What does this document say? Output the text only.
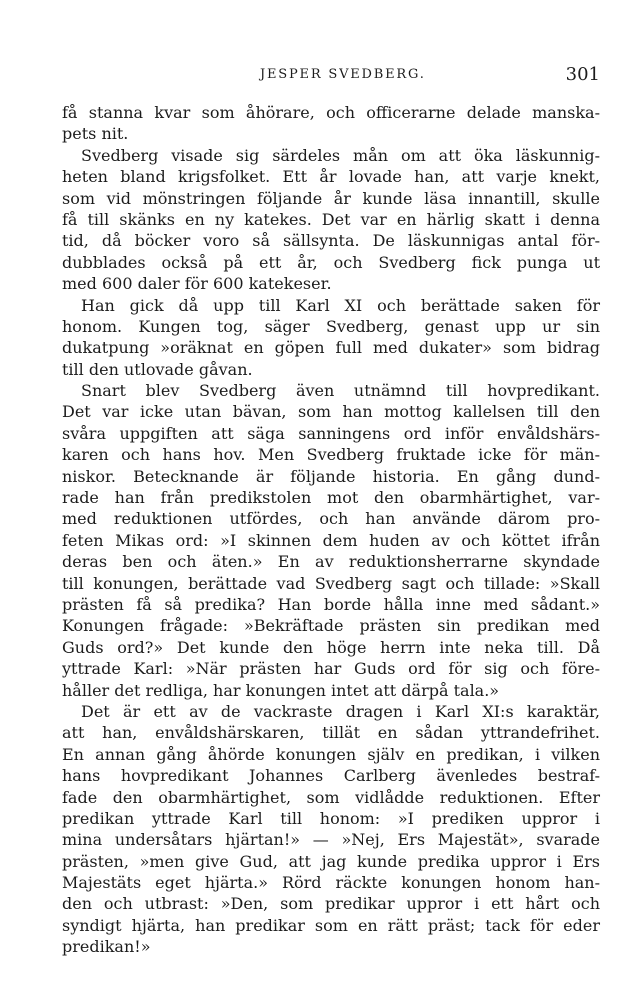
JESPER SVEDBERG.	301
få stanna kvar som åhörare, och officerarne delade manska-
pets nit.
Svedberg visade sig särdeles mån om att öka läskunnig-
heten bland krigsfolket. Ett år lovade han, att varje knekt,
som vid mönstringen följande år kunde läsa innantill, skulle
få till skänks en ny katekes. Det var en härlig skatt i denna
tid, då böcker voro så sällsynta. De läskunnigas antal för-
dubblades också på ett år, och Svedberg fick punga ut
med 600 daler för 600 katekeser.
Han gick då upp till Karl XI och berättade saken för
honom. Kungen tog, säger Svedberg, genast upp ur sin
dukatpung »oräknat en göpen full med dukater» som bidrag
till den utlovade gåvan.
Snart blev Svedberg även utnämnd till hovpredikant.
Det var icke utan bävan, som han mottog kallelsen till den
svåra uppgiften att säga sanningens ord inför envåldshärs-
karen och hans hov. Men Svedberg fruktade icke för män-
niskor. Betecknande är följande historia. En gång dund-
rade han från predikstolen mot den obarmhärtighet, var-
med reduktionen utfördes, och han använde därom pro-
feten Mikas ord: »I skinnen dem huden av och köttet ifrån
deras ben och äten.» En av reduktionsherrarne skyndade
till konungen, berättade vad Svedberg sagt och tillade: »Skall
prästen få så predika? Han borde hålla inne med sådant.»
Konungen frågade: »Bekräftade prästen sin predikan med
Guds ord?» Det kunde den höge herrn inte neka till. Då
yttrade Karl: »När prästen har Guds ord för sig och före-
håller det redliga, har konungen intet att därpå tala.»
Det är ett av de vackraste dragen i Karl XI:s karaktär,
att han, envåldshärskaren, tillät en sådan yttrandefrihet.
En annan gång åhörde konungen själv en predikan, i vilken
hans hovpredikant Johannes Carlberg ävenledes bestraf-
fade den obarmhärtighet, som vidlådde reduktionen. Efter
predikan yttrade Karl till honom: »I prediken uppror i
mina undersåtars hjärtan!» — »Nej, Ers Majestät», svarade
prästen, »men give Gud, att jag kunde predika uppror i Ers
Majestäts eget hjärta.» Rörd räckte konungen honom han-
den och utbrast: »Den, som predikar uppror i ett hårt och
syndigt hjärta, han predikar som en rätt präst; tack för eder
predikan!»
